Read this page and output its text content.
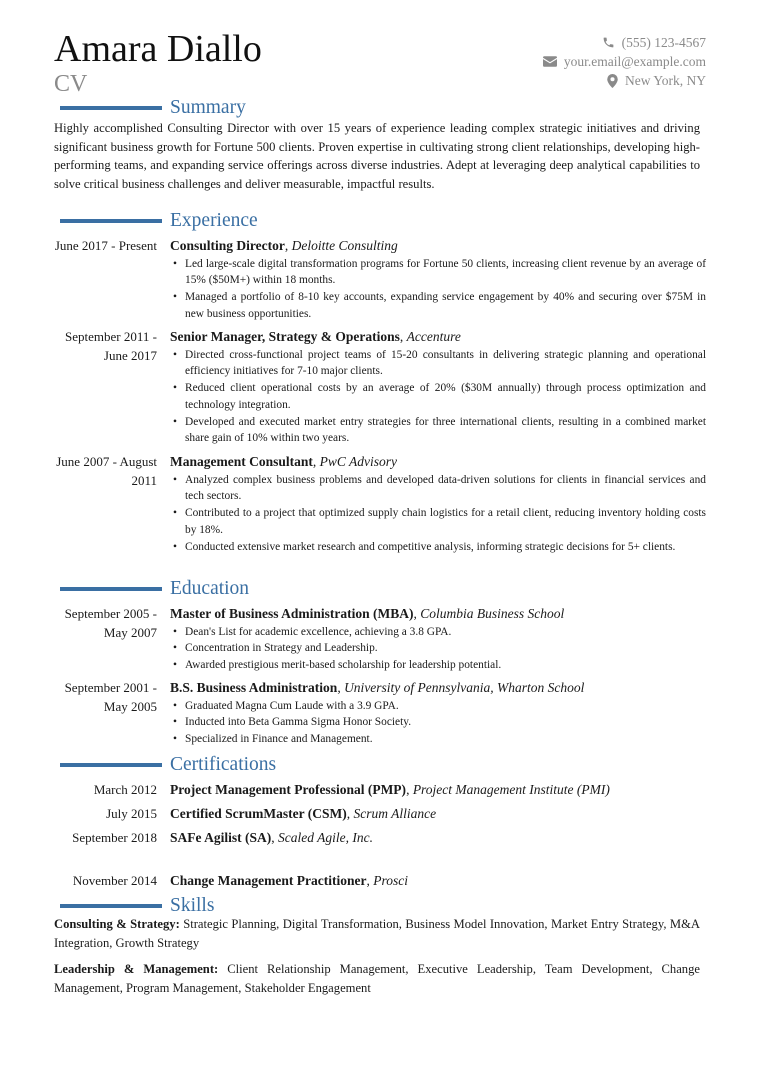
Amara Diallo
CV
(555) 123-4567
your.email@example.com
New York, NY
Summary
Highly accomplished Consulting Director with over 15 years of experience leading complex strategic initiatives and driving significant business growth for Fortune 500 clients. Proven expertise in cultivating strong client relationships, developing high-performing teams, and expanding service offerings across diverse industries. Adept at leveraging deep analytical capabilities to solve critical business challenges and deliver measurable, impactful results.
Experience
June 2017 - Present Consulting Director, Deloitte Consulting
• Led large-scale digital transformation programs for Fortune 50 clients, increasing client revenue by an average of 15% ($50M+) within 18 months.
• Managed a portfolio of 8-10 key accounts, expanding service engagement by 40% and securing over $75M in new business opportunities.
September 2011 - June 2017
Senior Manager, Strategy & Operations, Accenture
• Directed cross-functional project teams of 15-20 consultants in delivering strategic planning and operational efficiency initiatives for 7-10 major clients.
• Reduced client operational costs by an average of 20% ($30M annually) through process optimization and technology integration.
• Developed and executed market entry strategies for three international clients, resulting in a combined market share gain of 10% within two years.
June 2007 - August 2011
Management Consultant, PwC Advisory
• Analyzed complex business problems and developed data-driven solutions for clients in financial services and tech sectors.
• Contributed to a project that optimized supply chain logistics for a retail client, reducing inventory holding costs by 18%.
• Conducted extensive market research and competitive analysis, informing strategic decisions for 5+ clients.
Education
September 2005 - May 2007
Master of Business Administration (MBA), Columbia Business School
• Dean's List for academic excellence, achieving a 3.8 GPA.
• Concentration in Strategy and Leadership.
• Awarded prestigious merit-based scholarship for leadership potential.
September 2001 - May 2005
B.S. Business Administration, University of Pennsylvania, Wharton School
• Graduated Magna Cum Laude with a 3.9 GPA.
• Inducted into Beta Gamma Sigma Honor Society.
• Specialized in Finance and Management.
Certifications
March 2012 Project Management Professional (PMP), Project Management Institute (PMI)
July 2015 Certified ScrumMaster (CSM), Scrum Alliance
September 2018 SAFe Agilist (SA), Scaled Agile, Inc.
November 2014 Change Management Practitioner, Prosci
Skills
Consulting & Strategy: Strategic Planning, Digital Transformation, Business Model Innovation, Market Entry Strategy, M&A Integration, Growth Strategy
Leadership & Management: Client Relationship Management, Executive Leadership, Team Development, Change Management, Program Management, Stakeholder Engagement
